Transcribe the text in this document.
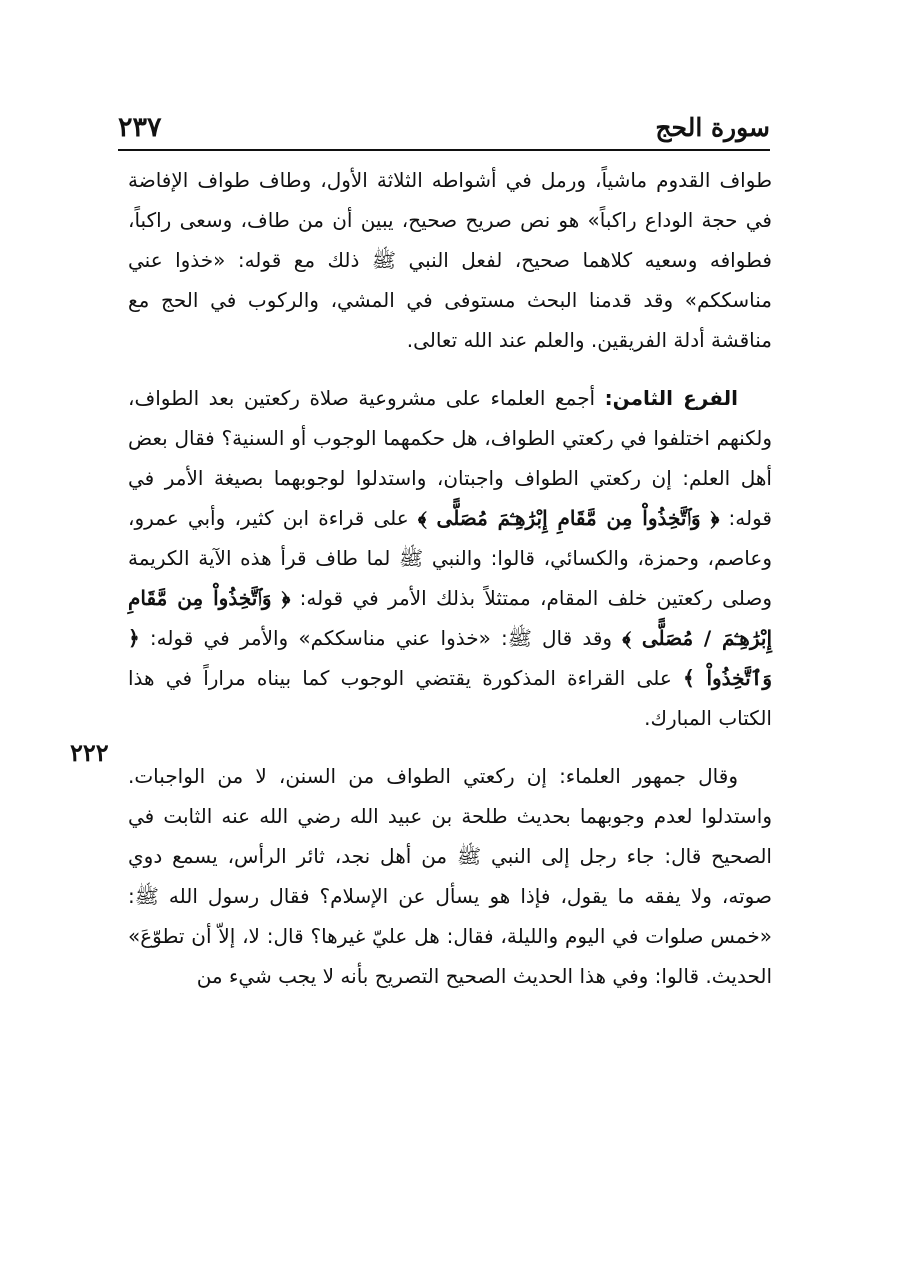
سورة الحج
٢٣٧
٢٢٢

طواف القدوم ماشياً، ورمل في أشواطه الثلاثة الأول، وطاف طواف الإفاضة في حجة الوداع راكباً» هو نص صريح صحيح، يبين أن من طاف، وسعى راكباً، فطوافه وسعيه كلاهما صحيح، لفعل النبي ﷺ ذلك مع قوله: «خذوا عني مناسككم» وقد قدمنا البحث مستوفى في المشي، والركوب في الحج مع مناقشة أدلة الفريقين. والعلم عند الله تعالى.

الفرع الثامن: أجمع العلماء على مشروعية صلاة ركعتين بعد الطواف، ولكنهم اختلفوا في ركعتي الطواف، هل حكمهما الوجوب أو السنية؟ فقال بعض أهل العلم: إن ركعتي الطواف واجبتان، واستدلوا لوجوبهما بصيغة الأمر في قوله: ﴿ وَٱتَّخِذُواْ مِن مَّقَامِ إِبْرَٰهِـۧمَ مُصَلًّى ﴾ على قراءة ابن كثير، وأبي عمرو، وعاصم، وحمزة، والكسائي، قالوا: والنبي ﷺ لما طاف قرأ هذه الآية الكريمة وصلى ركعتين خلف المقام، ممتثلاً بذلك الأمر في قوله: ﴿ وَٱتَّخِذُواْ مِن مَّقَامِ إِبْرَٰهِـۧمَ / مُصَلًّى ﴾ وقد قال ﷺ: «خذوا عني مناسككم» والأمر في قوله: ﴿ وَٱتَّخِذُواْ ﴾ على القراءة المذكورة يقتضي الوجوب كما بيناه مراراً في هذا الكتاب المبارك.

وقال جمهور العلماء: إن ركعتي الطواف من السنن، لا من الواجبات. واستدلوا لعدم وجوبهما بحديث طلحة بن عبيد الله رضي الله عنه الثابت في الصحيح قال: جاء رجل إلى النبي ﷺ من أهل نجد، ثائر الرأس، يسمع دوي صوته، ولا يفقه ما يقول، فإذا هو يسأل عن الإسلام؟ فقال رسول الله ﷺ: «خمس صلوات في اليوم والليلة، فقال: هل عليّ غيرها؟ قال: لا، إلاّ أن تطوّعَ» الحديث. قالوا: وفي هذا الحديث الصحيح التصريح بأنه لا يجب شيء من
